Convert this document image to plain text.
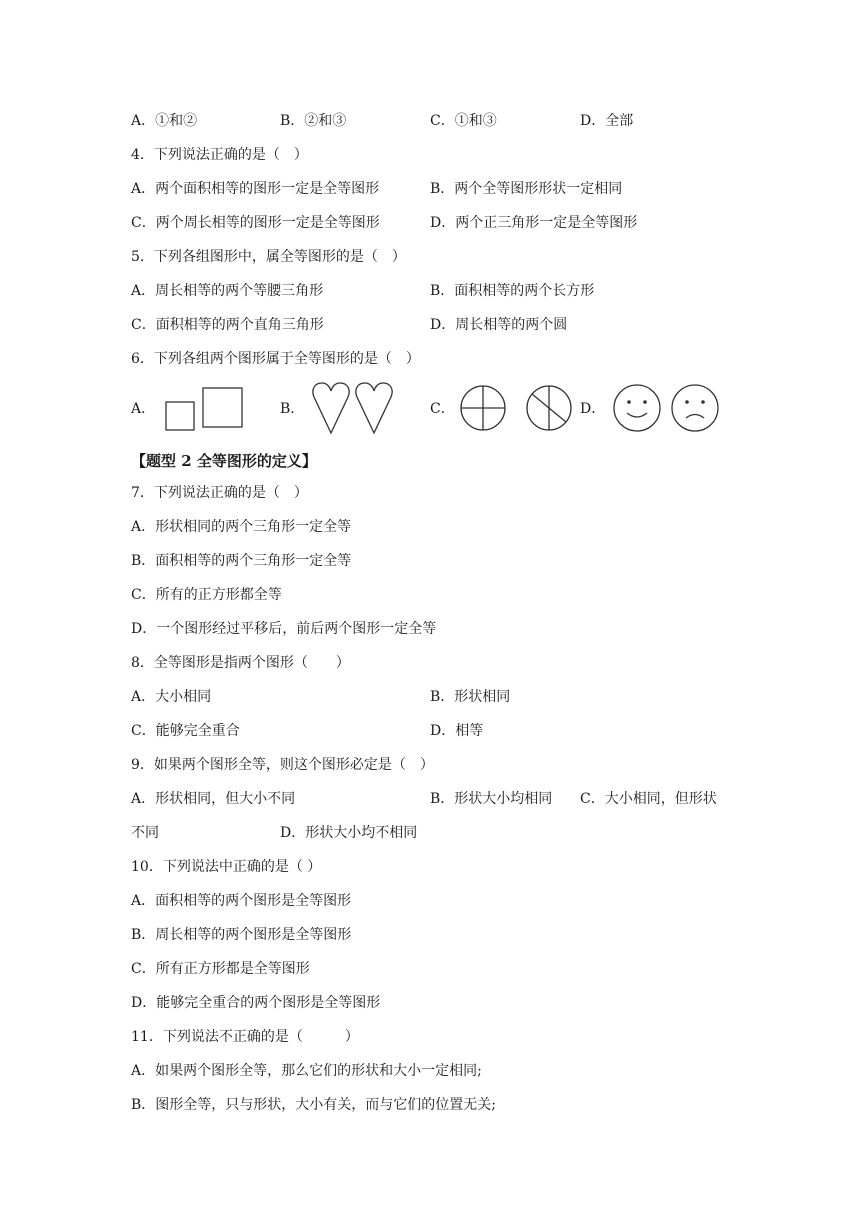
A．①和②	B．②和③	C．①和③	D．全部
4．下列说法正确的是（　）
A．两个面积相等的图形一定是全等图形	B．两个全等图形形状一定相同
C．两个周长相等的图形一定是全等图形	D．两个正三角形一定是全等图形
5．下列各组图形中，属全等图形的是（　）
A．周长相等的两个等腰三角形	B．面积相等的两个长方形
C．面积相等的两个直角三角形	D．周长相等的两个圆
6．下列各组两个图形属于全等图形的是（　）
A．	B．	C．	D．
【题型 2 全等图形的定义】
7．下列说法正确的是（　）
A．形状相同的两个三角形一定全等
B．面积相等的两个三角形一定全等
C．所有的正方形都全等
D．一个图形经过平移后，前后两个图形一定全等
8．全等图形是指两个图形（　　）
A．大小相同	B．形状相同
C．能够完全重合	D．相等
9．如果两个图形全等，则这个图形必定是（　）
A．形状相同，但大小不同	B．形状大小均相同 C．大小相同，但形状
不同	D．形状大小均不相同
10．下列说法中正确的是（ ）
A．面积相等的两个图形是全等图形
B．周长相等的两个图形是全等图形
C．所有正方形都是全等图形
D．能够完全重合的两个图形是全等图形
11．下列说法不正确的是（　　　）
A．如果两个图形全等，那么它们的形状和大小一定相同;
B．图形全等，只与形状，大小有关，而与它们的位置无关;
